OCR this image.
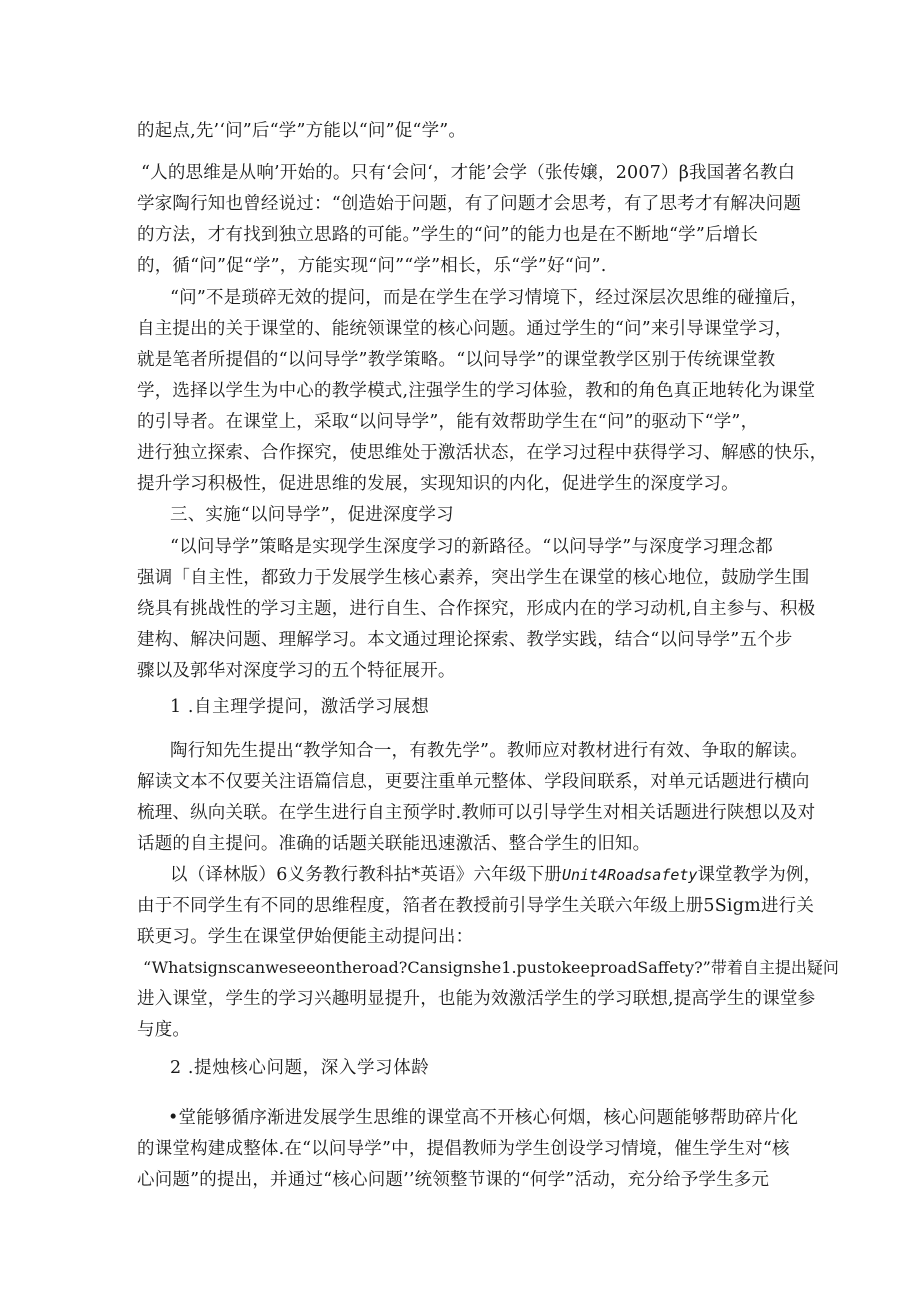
的起点,先’‘问”后“学”方能以“问”促“学”。
“人的思维是从响’开始的。只有‘会问‘，才能’会学（张传嬢，2007）β我国著名教白
学家陶行知也曾经说过：“创造始于问题，有了问题才会思考，有了思考才有解决问题
的方法，才有找到独立思路的可能。”学生的“问”的能力也是在不断地“学”后增长
的，循“问”促“学”，方能实现“问”“学”相长，乐“学”好“问”.
“问”不是琐碎无效的提问，而是在学生在学习情境下，经过深层次思维的碰撞后，
自主提出的关于课堂的、能统领课堂的核心问题。通过学生的“问”来引导课堂学习，
就是笔者所提倡的“以问导学”教学策略。“以问导学”的课堂教学区别于传统课堂教
学，选择以学生为中心的教学模式,注强学生的学习体验，教和的角色真正地转化为课堂
的引导者。在课堂上，采取“以问导学”，能有效帮助学生在“问”的驱动下“学”，
进行独立探索、合作探究，使思维处于激活状态，在学习过程中获得学习、解感的快乐，
提升学习积极性，促进思维的发展，实现知识的内化，促进学生的深度学习。
三、实施“以问导学”，促进深度学习
“以问导学”策略是实现学生深度学习的新路径。“以问导学”与深度学习理念都
强调「自主性，都致力于发展学生核心素养，突出学生在课堂的核心地位，鼓励学生围
绕具有挑战性的学习主题，进行自生、合作探究，形成内在的学习动机,自主参与、积极
建构、解决问题、理解学习。本文通过理论探索、教学实践，结合“以问导学”五个步
骤以及郭华对深度学习的五个特征展开。
1 .自主理学提问，激活学习展想
陶行知先生提出“教学知合一，有教先学”。教师应对教材进行有效、争取的解读。
解读文本不仅要关注语篇信息，更要注重单元整体、学段间联系，对单元话题进行横向
梳理、纵向关联。在学生进行自主预学时.教师可以引导学生对相关话题进行陕想以及对
话题的自主提问。准确的话题关联能迅速激活、整合学生的旧知。
以（译林版）6义务教行教科拈*英语》六年级下册Unit4Roadsafety课堂教学为例，
由于不同学生有不同的思维程度，箔者在教授前引导学生关联六年级上册5Sigm进行关
联更习。学生在课堂伊始便能主动提问出：
“Whatsignscanweseeontheroad?Cansignshe1.pustokeeproadSaffety?”带着自主提出疑问
进入课堂，学生的学习兴趣明显提升，也能为效激活学生的学习联想,提高学生的课堂参
与度。
2 .提烛核心问题，深入学习体龄
•堂能够循序渐进发展学生思维的课堂高不开核心何烟，核心问题能够帮助碎片化
的课堂构建成整体.在“以问导学”中，提倡教师为学生创设学习情境，催生学生对“核
心问题”的提出，并通过“核心问题’’统领整节课的“何学”活动，充分给予学生多元
